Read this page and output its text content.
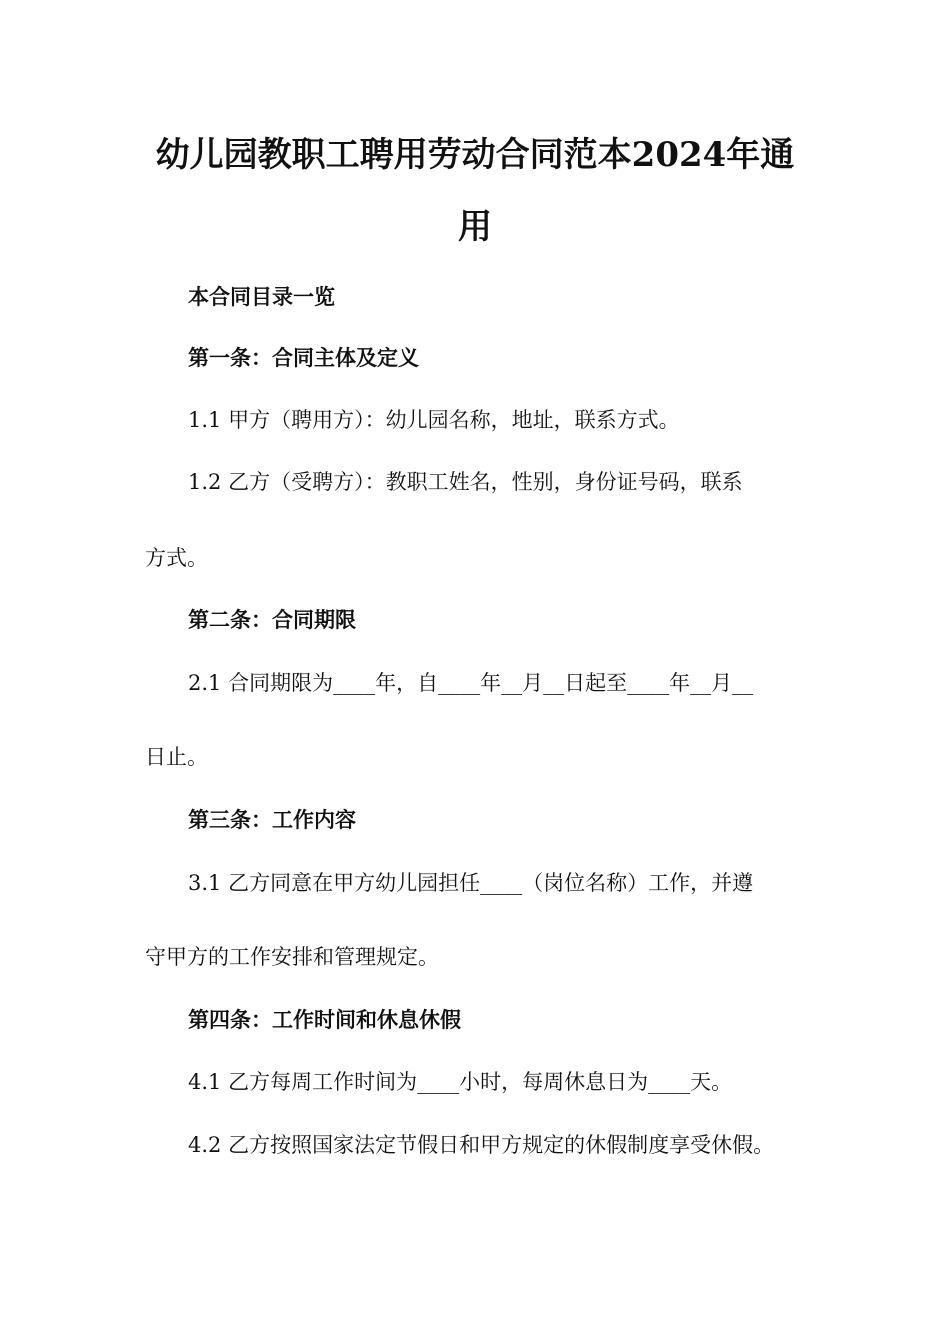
幼儿园教职工聘用劳动合同范本2024年通
用

本合同目录一览

第一条：合同主体及定义

1.1 甲方（聘用方）：幼儿园名称，地址，联系方式。

1.2 乙方（受聘方）：教职工姓名，性别，身份证号码，联系

方式。

第二条：合同期限

2.1 合同期限为____年，自____年__月__日起至____年__月__

日止。

第三条：工作内容

3.1 乙方同意在甲方幼儿园担任____（岗位名称）工作，并遵

守甲方的工作安排和管理规定。

第四条：工作时间和休息休假

4.1 乙方每周工作时间为____小时，每周休息日为____天。

4.2 乙方按照国家法定节假日和甲方规定的休假制度享受休假。
